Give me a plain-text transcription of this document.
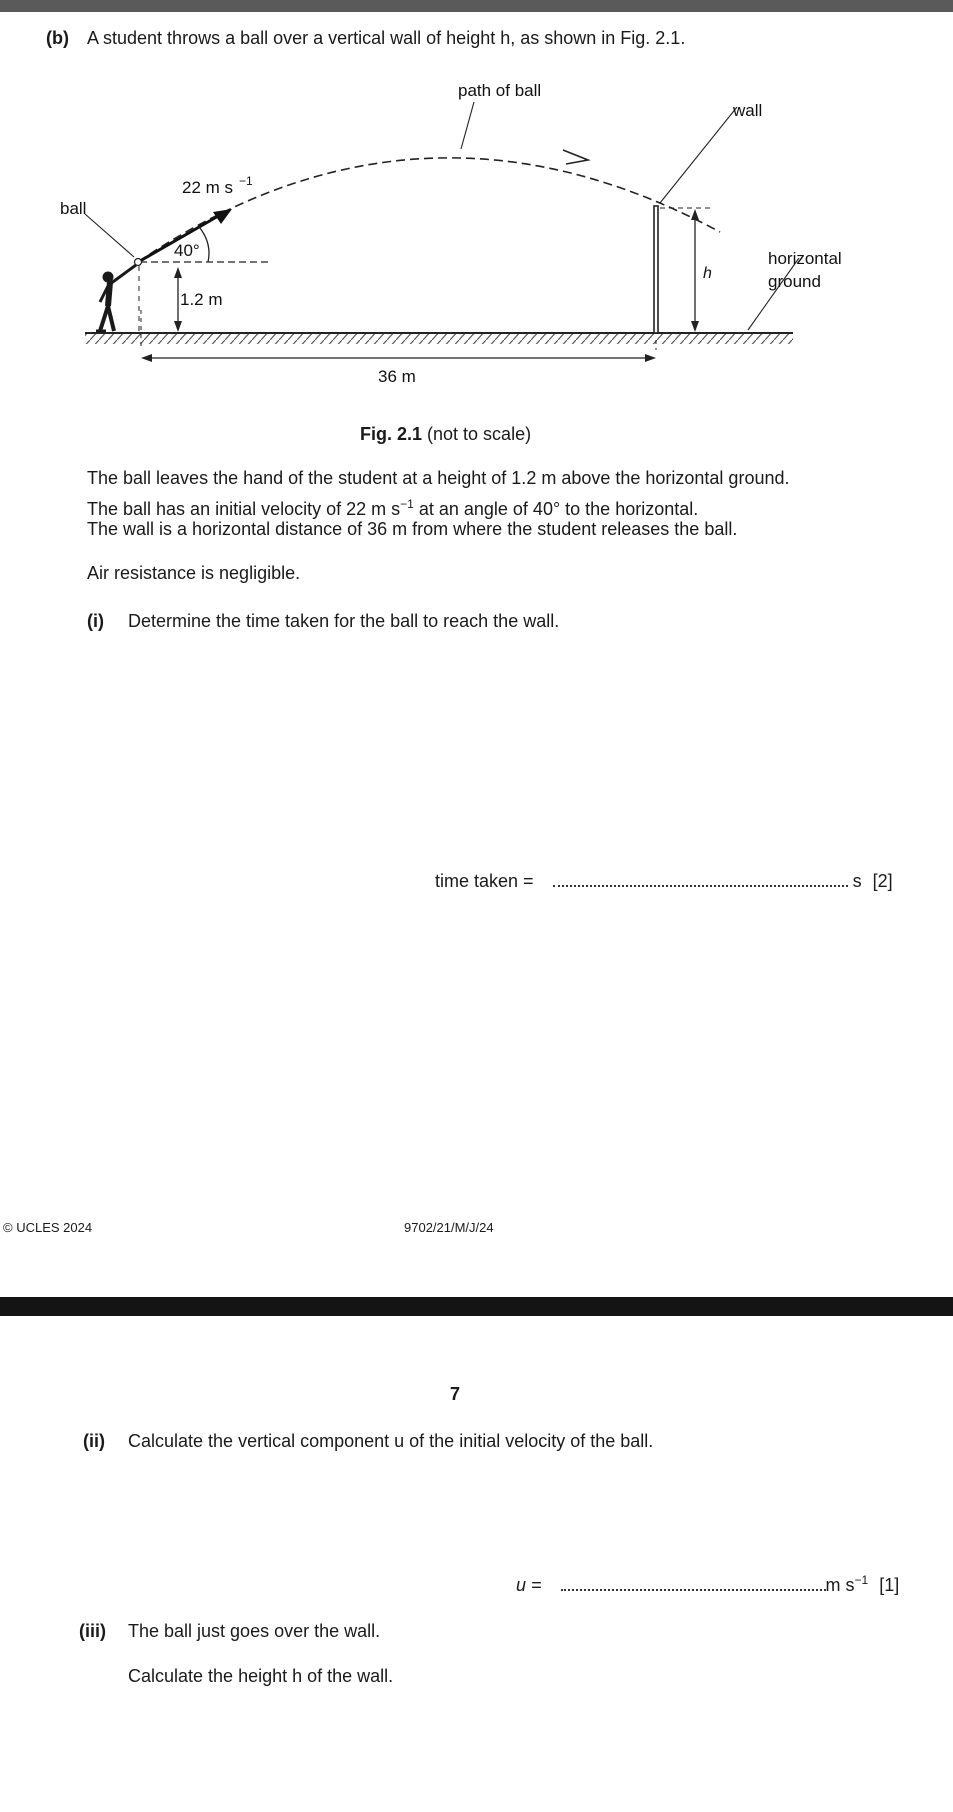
(b) A student throws a ball over a vertical wall of height h, as shown in Fig. 2.1.
path of ball
wall
ball
22 m s −1
40°
1.2 m
h
horizontal
ground
36 m
Fig. 2.1 (not to scale)
The ball leaves the hand of the student at a height of 1.2 m above the horizontal ground.
The ball has an initial velocity of 22 m $s^{-1}$ at an angle of 40° to the horizontal.
The wall is a horizontal distance of 36 m from where the student releases the ball.
Air resistance is negligible.
(i) Determine the time taken for the ball to reach the wall.
time taken =	s [2]
© UCLES 2024	9702/21/M/J/24
7
(ii) Calculate the vertical component u of the initial velocity of the ball.
u =	m $s^{-1}$ [1]
(iii) The ball just goes over the wall.
Calculate the height h of the wall.
